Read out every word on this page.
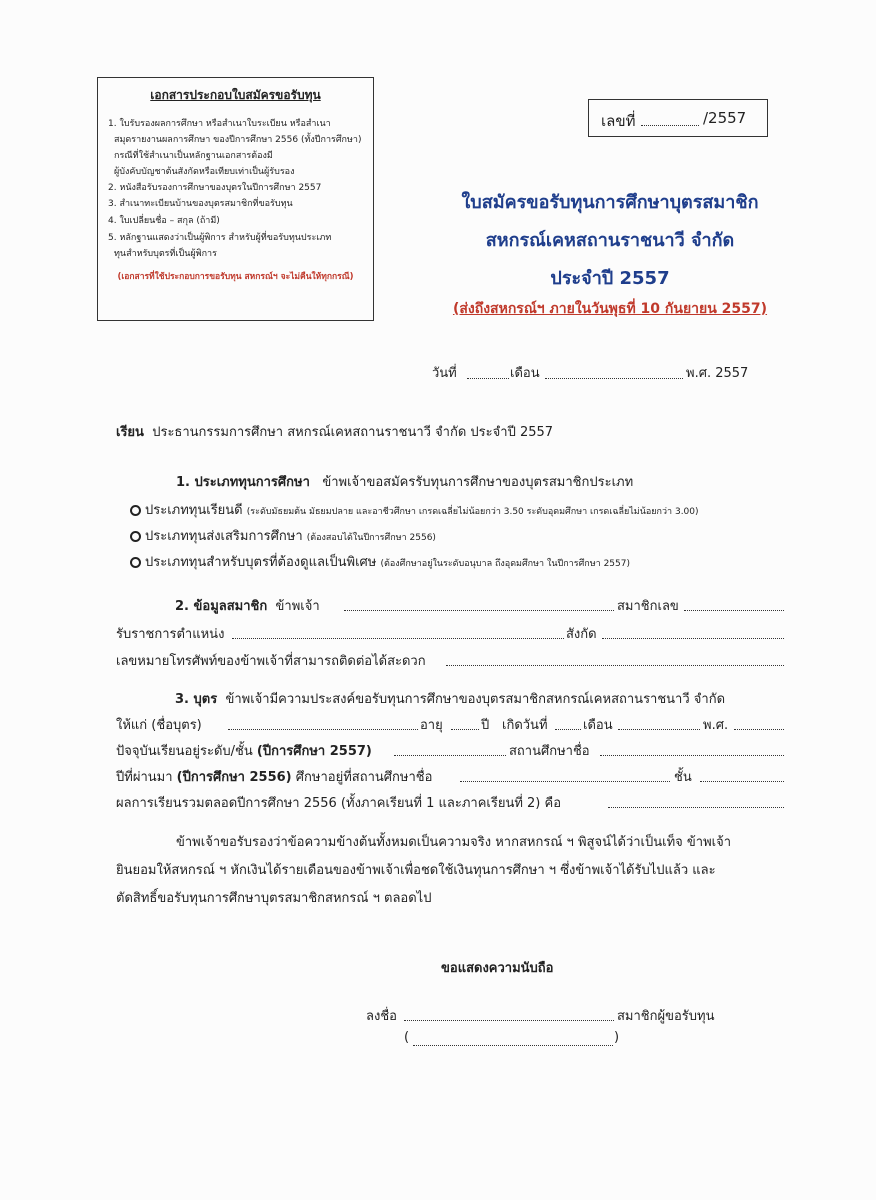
เอกสารประกอบใบสมัครขอรับทุน
1. ใบรับรองผลการศึกษา หรือสำเนาใบระเบียน หรือสำเนา
สมุดรายงานผลการศึกษา ของปีการศึกษา 2556 (ทั้งปีการศึกษา)
กรณีที่ใช้สำเนาเป็นหลักฐานเอกสารต้องมี
ผู้บังคับบัญชาต้นสังกัดหรือเทียบเท่าเป็นผู้รับรอง
2. หนังสือรับรองการศึกษาของบุตรในปีการศึกษา 2557
3. สำเนาทะเบียนบ้านของบุตรสมาชิกที่ขอรับทุน
4. ใบเปลี่ยนชื่อ – สกุล (ถ้ามี)
5. หลักฐานแสดงว่าเป็นผู้พิการ สำหรับผู้ที่ขอรับทุนประเภท
ทุนสำหรับบุตรที่เป็นผู้พิการ
(เอกสารที่ใช้ประกอบการขอรับทุน สหกรณ์ฯ จะไม่คืนให้ทุกกรณี)
เลขที่	/2557
ใบสมัครขอรับทุนการศึกษาบุตรสมาชิก
สหกรณ์เคหสถานราชนาวี จำกัด
ประจำปี 2557
(ส่งถึงสหกรณ์ฯ ภายในวันพุธที่ 10 กันยายน 2557)
วันที่	เดือน	พ.ศ. 2557
เรียน ประธานกรรมการศึกษา สหกรณ์เคหสถานราชนาวี จำกัด ประจำปี 2557
1. ประเภททุนการศึกษา ข้าพเจ้าขอสมัครรับทุนการศึกษาของบุตรสมาชิกประเภท
ประเภททุนเรียนดี (ระดับมัธยมต้น มัธยมปลาย และอาชีวศึกษา เกรดเฉลี่ยไม่น้อยกว่า 3.50 ระดับอุดมศึกษา เกรดเฉลี่ยไม่น้อยกว่า 3.00)
ประเภททุนส่งเสริมการศึกษา (ต้องสอบได้ในปีการศึกษา 2556)
ประเภททุนสำหรับบุตรที่ต้องดูแลเป็นพิเศษ (ต้องศึกษาอยู่ในระดับอนุบาล ถึงอุดมศึกษา ในปีการศึกษา 2557)
2. ข้อมูลสมาชิก ข้าพเจ้า	สมาชิกเลข
รับราชการตำแหน่ง	สังกัด
เลขหมายโทรศัพท์ของข้าพเจ้าที่สามารถติดต่อได้สะดวก
3. บุตร ข้าพเจ้ามีความประสงค์ขอรับทุนการศึกษาของบุตรสมาชิกสหกรณ์เคหสถานราชนาวี จำกัด
ให้แก่ (ชื่อบุตร)	อายุ	ปี เกิดวันที่	เดือน	พ.ศ.
ปัจจุบันเรียนอยู่ระดับ/ชั้น (ปีการศึกษา 2557)	สถานศึกษาชื่อ
ปีที่ผ่านมา (ปีการศึกษา 2556) ศึกษาอยู่ที่สถานศึกษาชื่อ	ชั้น
ผลการเรียนรวมตลอดปีการศึกษา 2556 (ทั้งภาคเรียนที่ 1 และภาคเรียนที่ 2) คือ
ข้าพเจ้าขอรับรองว่าข้อความข้างต้นทั้งหมดเป็นความจริง หากสหกรณ์ ฯ พิสูจน์ได้ว่าเป็นเท็จ ข้าพเจ้า
ยินยอมให้สหกรณ์ ฯ หักเงินได้รายเดือนของข้าพเจ้าเพื่อชดใช้เงินทุนการศึกษา ฯ ซึ่งข้าพเจ้าได้รับไปแล้ว และ
ตัดสิทธิ์ขอรับทุนการศึกษาบุตรสมาชิกสหกรณ์ ฯ ตลอดไป
ขอแสดงความนับถือ
ลงชื่อ	สมาชิกผู้ขอรับทุน
(	)
